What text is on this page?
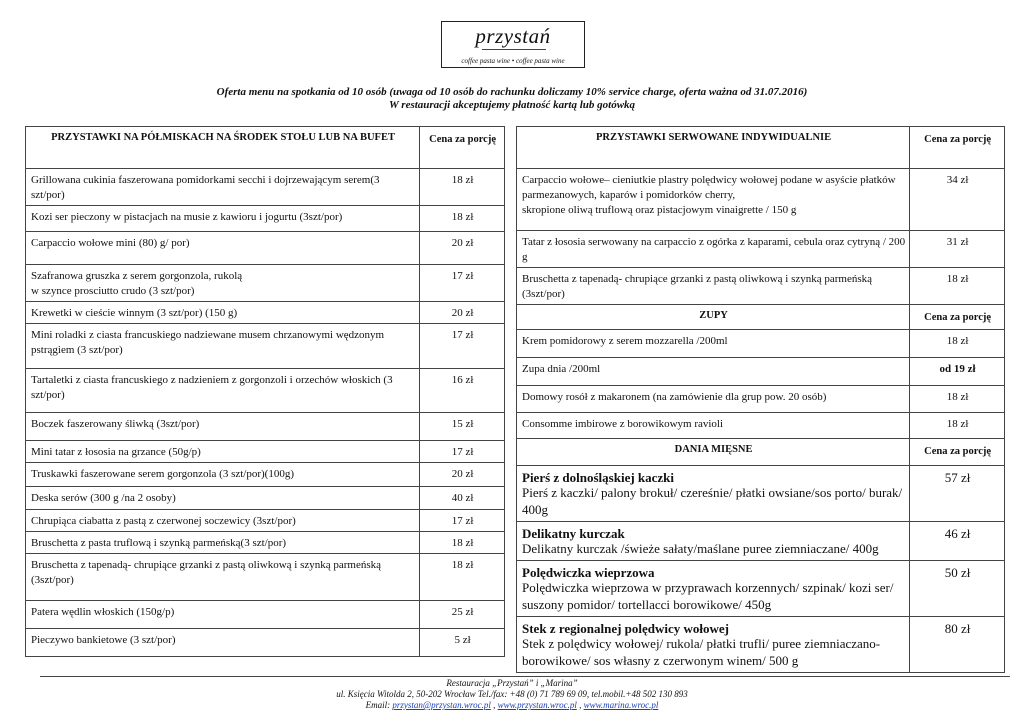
przystań
coffee pasta wine • coffee pasta wine
Oferta menu na spotkania od 10 osób (uwaga od 10 osób do rachunku doliczamy 10% service charge, oferta ważna od 31.07.2016)
W restauracji akceptujemy płatność kartą lub gotówką
PRZYSTAWKI NA PÓŁMISKACH NA ŚRODEK STOŁU LUB NA BUFET	Cena za porcję
Grillowana cukinia faszerowana pomidorkami secchi i dojrzewającym serem(3 szt/por)	18 zł
Kozi ser pieczony w pistacjach na musie z kawioru i jogurtu (3szt/por)	18 zł
Carpaccio wołowe mini (80) g/ por)	20 zł
Szafranowa gruszka z serem gorgonzola, rukolą
w szynce prosciutto crudo (3 szt/por)	17 zł
Krewetki w cieście winnym (3 szt/por) (150 g)	20 zł
Mini roladki z ciasta francuskiego nadziewane musem chrzanowymi wędzonym pstrągiem (3 szt/por)	17 zł
Tartaletki z ciasta francuskiego z nadzieniem z gorgonzoli i orzechów włoskich (3 szt/por)	16 zł
Boczek faszerowany śliwką (3szt/por)	15 zł
Mini tatar z łososia na grzance (50g/p)	17 zł
Truskawki faszerowane serem gorgonzola (3 szt/por)(100g)	20 zł
Deska serów (300 g /na 2 osoby)	40 zł
Chrupiąca ciabatta z pastą z czerwonej soczewicy (3szt/por)	17 zł
Bruschetta z pasta truflową i szynką parmeńską(3 szt/por)	18 zł
Bruschetta z tapenadą- chrupiące grzanki z pastą oliwkową i szynką parmeńską (3szt/por)	18 zł
Patera wędlin włoskich (150g/p)	25 zł
Pieczywo bankietowe (3 szt/por)	5 zł
PRZYSTAWKI SERWOWANE INDYWIDUALNIE	Cena za porcję
Carpaccio wołowe– cieniutkie plastry polędwicy wołowej podane w asyście płatków parmezanowych, kaparów i pomidorków cherry,
skropione oliwą truflową oraz pistacjowym vinaigrette / 150 g	34 zł
Tatar z łososia serwowany na carpaccio z ogórka z kaparami, cebula oraz cytryną / 200 g	31 zł
Bruschetta z tapenadą- chrupiące grzanki z pastą oliwkową i szynką parmeńską (3szt/por)	18 zł
ZUPY	Cena za porcję
Krem pomidorowy z serem mozzarella /200ml	18 zł
Zupa dnia /200ml	od 19 zł
Domowy rosół z makaronem (na zamówienie dla grup pow. 20 osób)	18 zł
Consomme imbirowe z borowikowym ravioli	18 zł
DANIA MIĘSNE	Cena za porcję

Pierś z dolnośląskiej kaczki
Pierś z kaczki/ palony brokuł/ czereśnie/ płatki owsiane/sos porto/ burak/ 400g	57 zł

Delikatny kurczak
Delikatny kurczak /świeże sałaty/maślane puree ziemniaczane/ 400g	46 zł

Polędwiczka wieprzowa
Polędwiczka wieprzowa w przyprawach korzennych/ szpinak/ kozi ser/ suszony pomidor/ tortellacci borowikowe/ 450g	50 zł

Stek z regionalnej polędwicy wołowej
Stek z polędwicy wołowej/ rukola/ płatki trufli/ puree ziemniaczano-borowikowe/ sos własny z czerwonym winem/ 500 g	80 zł
Restauracja „Przystań” i „Marina”
ul. Księcia Witolda 2, 50-202 Wrocław Tel./fax: +48 (0) 71 789 69 09, tel.mobil.+48 502 130 893
Email: przystan@przystan.wroc.pl , www.przystan.wroc.pl , www.marina.wroc.pl
